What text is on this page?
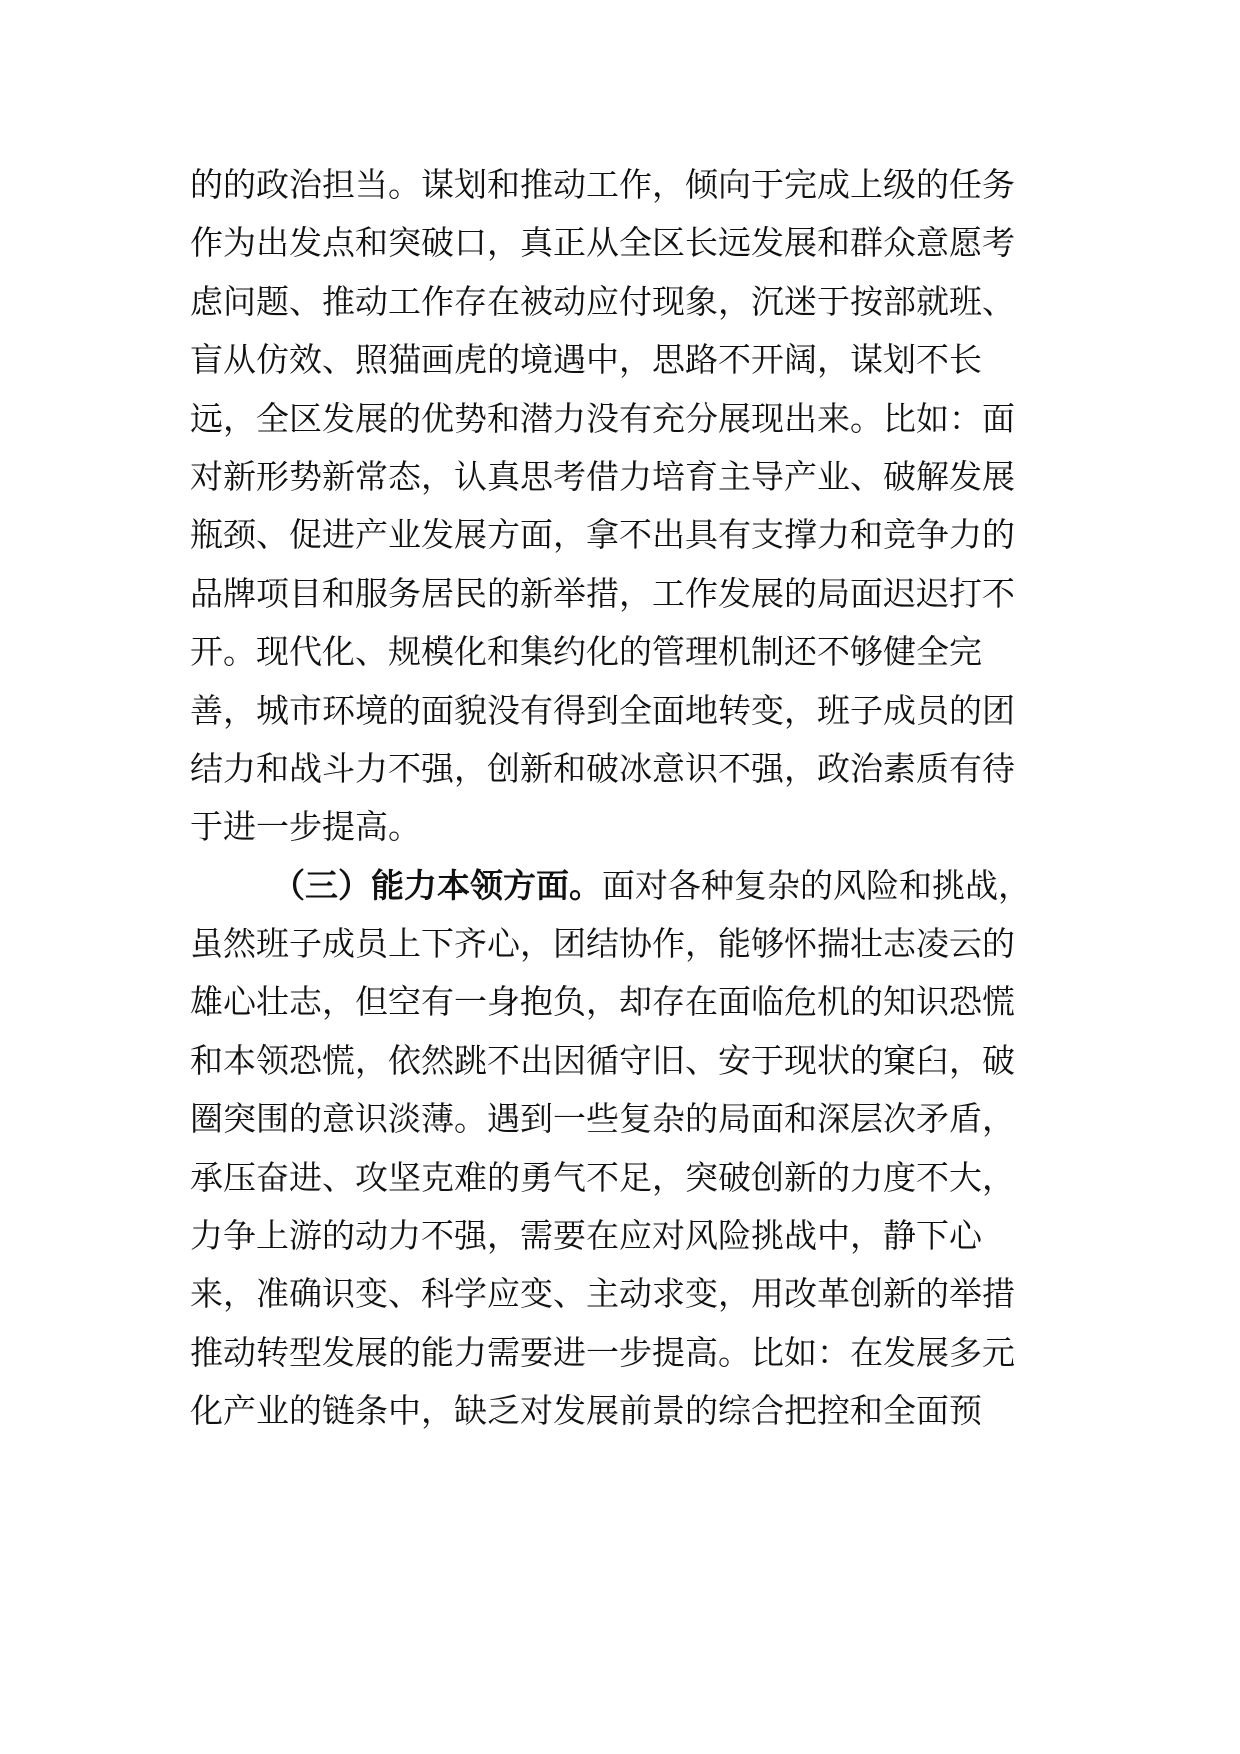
的的政治担当。谋划和推动工作，倾向于完成上级的任务
作为出发点和突破口，真正从全区长远发展和群众意愿考
虑问题、推动工作存在被动应付现象，沉迷于按部就班、
盲从仿效、照猫画虎的境遇中，思路不开阔，谋划不长
远，全区发展的优势和潜力没有充分展现出来。比如：面
对新形势新常态，认真思考借力培育主导产业、破解发展
瓶颈、促进产业发展方面，拿不出具有支撑力和竞争力的
品牌项目和服务居民的新举措，工作发展的局面迟迟打不
开。现代化、规模化和集约化的管理机制还不够健全完
善，城市环境的面貌没有得到全面地转变，班子成员的团
结力和战斗力不强，创新和破冰意识不强，政治素质有待
于进一步提高。
（三）能力本领方面。面对各种复杂的风险和挑战，
虽然班子成员上下齐心，团结协作，能够怀揣壮志凌云的
雄心壮志，但空有一身抱负，却存在面临危机的知识恐慌
和本领恐慌，依然跳不出因循守旧、安于现状的窠臼，破
圈突围的意识淡薄。遇到一些复杂的局面和深层次矛盾，
承压奋进、攻坚克难的勇气不足，突破创新的力度不大，
力争上游的动力不强，需要在应对风险挑战中，静下心
来，准确识变、科学应变、主动求变，用改革创新的举措
推动转型发展的能力需要进一步提高。比如：在发展多元
化产业的链条中，缺乏对发展前景的综合把控和全面预
